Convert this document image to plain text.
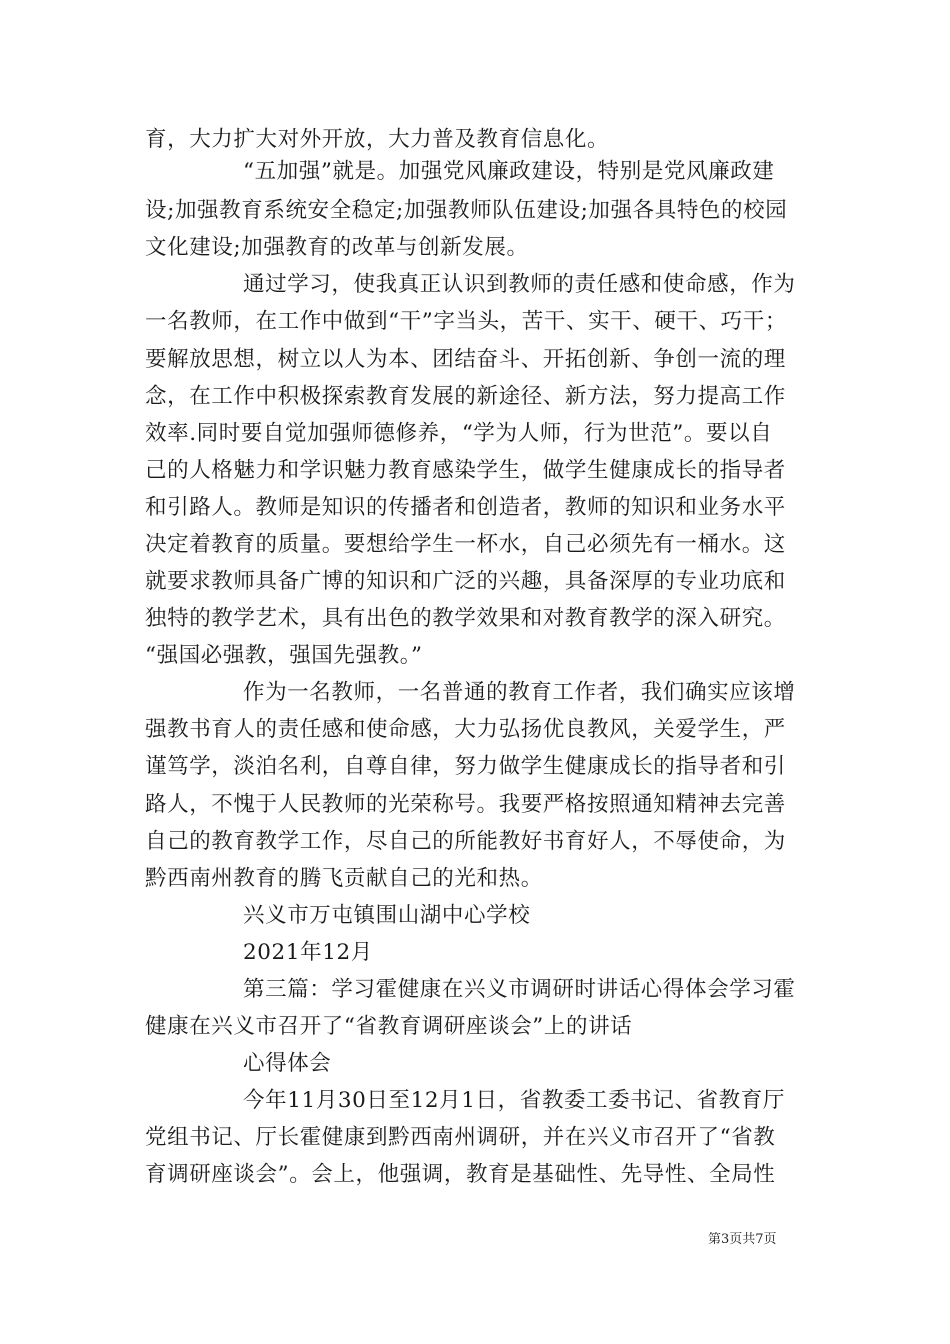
育，大力扩大对外开放，大力普及教育信息化。
“五加强”就是。加强党风廉政建设，特别是党风廉政建
设;加强教育系统安全稳定;加强教师队伍建设;加强各具特色的校园
文化建设;加强教育的改革与创新发展。
通过学习，使我真正认识到教师的责任感和使命感，作为
一名教师，在工作中做到“干”字当头，苦干、实干、硬干、巧干；
要解放思想，树立以人为本、团结奋斗、开拓创新、争创一流的理
念，在工作中积极探索教育发展的新途径、新方法，努力提高工作
效率.同时要自觉加强师德修养，“学为人师，行为世范”。要以自
己的人格魅力和学识魅力教育感染学生，做学生健康成长的指导者
和引路人。教师是知识的传播者和创造者，教师的知识和业务水平
决定着教育的质量。要想给学生一杯水，自己必须先有一桶水。这
就要求教师具备广博的知识和广泛的兴趣，具备深厚的专业功底和
独特的教学艺术，具有出色的教学效果和对教育教学的深入研究。
“强国必强教，强国先强教。”
作为一名教师，一名普通的教育工作者，我们确实应该增
强教书育人的责任感和使命感，大力弘扬优良教风，关爱学生，严
谨笃学，淡泊名利，自尊自律，努力做学生健康成长的指导者和引
路人，不愧于人民教师的光荣称号。我要严格按照通知精神去完善
自己的教育教学工作，尽自己的所能教好书育好人，不辱使命，为
黔西南州教育的腾飞贡献自己的光和热。
兴义市万屯镇围山湖中心学校
2021年12月
第三篇：学习霍健康在兴义市调研时讲话心得体会学习霍
健康在兴义市召开了“省教育调研座谈会”上的讲话
心得体会
今年11月30日至12月1日，省教委工委书记、省教育厅
党组书记、厅长霍健康到黔西南州调研，并在兴义市召开了“省教
育调研座谈会”。会上，他强调，教育是基础性、先导性、全局性
第3页共7页
